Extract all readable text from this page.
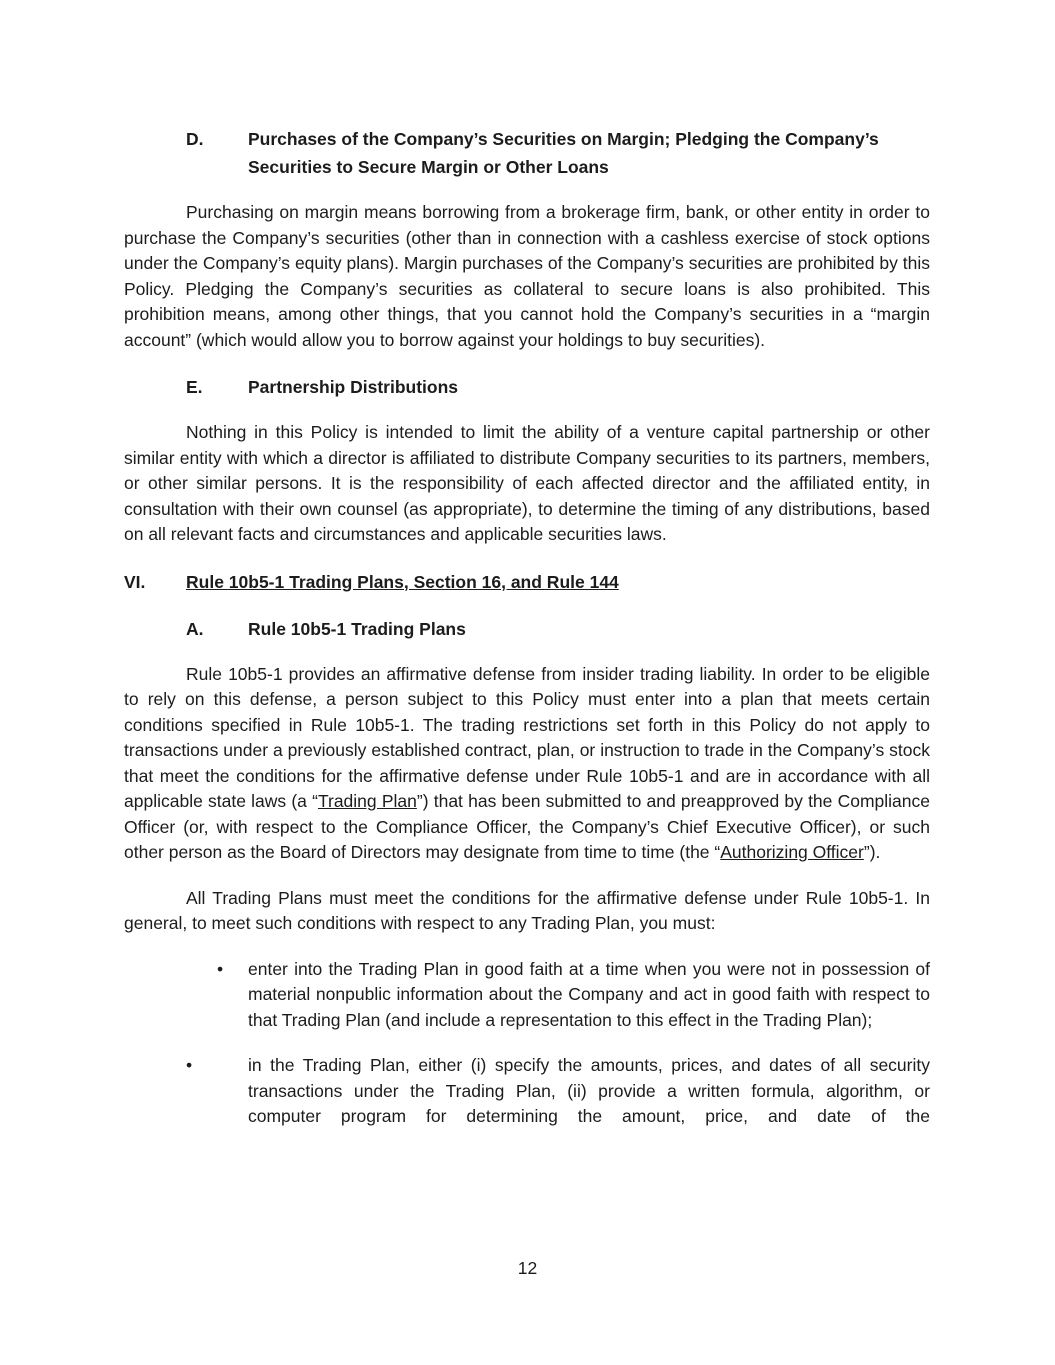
D.	Purchases of the Company’s Securities on Margin; Pledging the Company’s Securities to Secure Margin or Other Loans

Purchasing on margin means borrowing from a brokerage firm, bank, or other entity in order to purchase the Company’s securities (other than in connection with a cashless exercise of stock options under the Company’s equity plans). Margin purchases of the Company’s securities are prohibited by this Policy. Pledging the Company’s securities as collateral to secure loans is also prohibited. This prohibition means, among other things, that you cannot hold the Company’s securities in a “margin account” (which would allow you to borrow against your holdings to buy securities).

E.	Partnership Distributions

Nothing in this Policy is intended to limit the ability of a venture capital partnership or other similar entity with which a director is affiliated to distribute Company securities to its partners, members, or other similar persons. It is the responsibility of each affected director and the affiliated entity, in consultation with their own counsel (as appropriate), to determine the timing of any distributions, based on all relevant facts and circumstances and applicable securities laws.

VI. Rule 10b5-1 Trading Plans, Section 16, and Rule 144
A.	Rule 10b5-1 Trading Plans

Rule 10b5-1 provides an affirmative defense from insider trading liability. In order to be eligible to rely on this defense, a person subject to this Policy must enter into a plan that meets certain conditions specified in Rule 10b5-1. The trading restrictions set forth in this Policy do not apply to transactions under a previously established contract, plan, or instruction to trade in the Company’s stock that meet the conditions for the affirmative defense under Rule 10b5-1 and are in accordance with all applicable state laws (a “Trading Plan”) that has been submitted to and preapproved by the Compliance Officer (or, with respect to the Compliance Officer, the Company’s Chief Executive Officer), or such other person as the Board of Directors may designate from time to time (the “Authorizing Officer”).

All Trading Plans must meet the conditions for the affirmative defense under Rule 10b5-1. In general, to meet such conditions with respect to any Trading Plan, you must:

• enter into the Trading Plan in good faith at a time when you were not in possession of material nonpublic information about the Company and act in good faith with respect to that Trading Plan (and include a representation to this effect in the Trading Plan);
•	in the Trading Plan, either (i) specify the amounts, prices, and dates of all security transactions under the Trading Plan, (ii) provide a written formula, algorithm, or computer program for determining the amount, price, and date of the
12
